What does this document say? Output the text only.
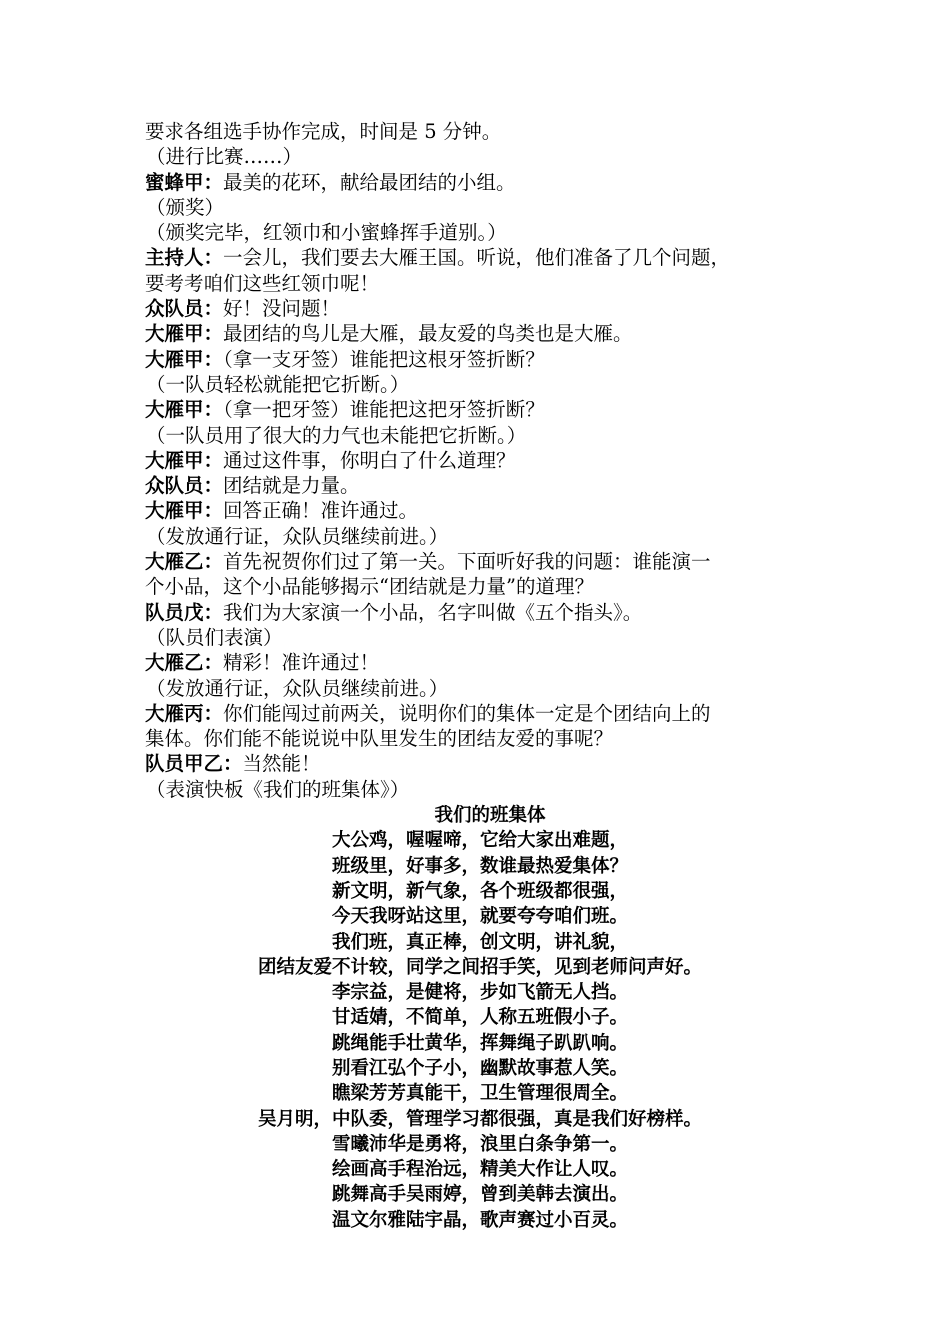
要求各组选手协作完成，时间是 5 分钟。
（进行比赛……）
蜜蜂甲：最美的花环，献给最团结的小组。
（颁奖）
（颁奖完毕，红领巾和小蜜蜂挥手道别。）
主持人：一会儿，我们要去大雁王国。听说，他们准备了几个问题，
要考考咱们这些红领巾呢！
众队员：好！没问题！
大雁甲：最团结的鸟儿是大雁，最友爱的鸟类也是大雁。
大雁甲：（拿一支牙签）谁能把这根牙签折断？
（一队员轻松就能把它折断。）
大雁甲：（拿一把牙签）谁能把这把牙签折断？
（一队员用了很大的力气也未能把它折断。）
大雁甲：通过这件事，你明白了什么道理？
众队员：团结就是力量。
大雁甲：回答正确！准许通过。
（发放通行证，众队员继续前进。）
大雁乙：首先祝贺你们过了第一关。下面听好我的问题：谁能演一
个小品，这个小品能够揭示“团结就是力量”的道理？
队员戊：我们为大家演一个小品，名字叫做《五个指头》。
（队员们表演）
大雁乙：精彩！准许通过！
（发放通行证，众队员继续前进。）
大雁丙：你们能闯过前两关，说明你们的集体一定是个团结向上的
集体。你们能不能说说中队里发生的团结友爱的事呢？
队员甲乙：当然能！
（表演快板《我们的班集体》）
我们的班集体
大公鸡，喔喔啼，它给大家出难题，
班级里，好事多，数谁最热爱集体？
新文明，新气象，各个班级都很强，
今天我呀站这里，就要夸夸咱们班。
我们班，真正棒，创文明，讲礼貌，
团结友爱不计较，同学之间招手笑，见到老师问声好。
李宗益，是健将，步如飞箭无人挡。
甘适婧，不简单，人称五班假小子。
跳绳能手壮黄华，挥舞绳子趴趴响。
别看江弘个子小，幽默故事惹人笑。
瞧梁芳芳真能干，卫生管理很周全。
吴月明，中队委，管理学习都很强，真是我们好榜样。
雪曦沛华是勇将，浪里白条争第一。
绘画高手程治远，精美大作让人叹。
跳舞高手吴雨婷，曾到美韩去演出。
温文尔雅陆宇晶，歌声赛过小百灵。
